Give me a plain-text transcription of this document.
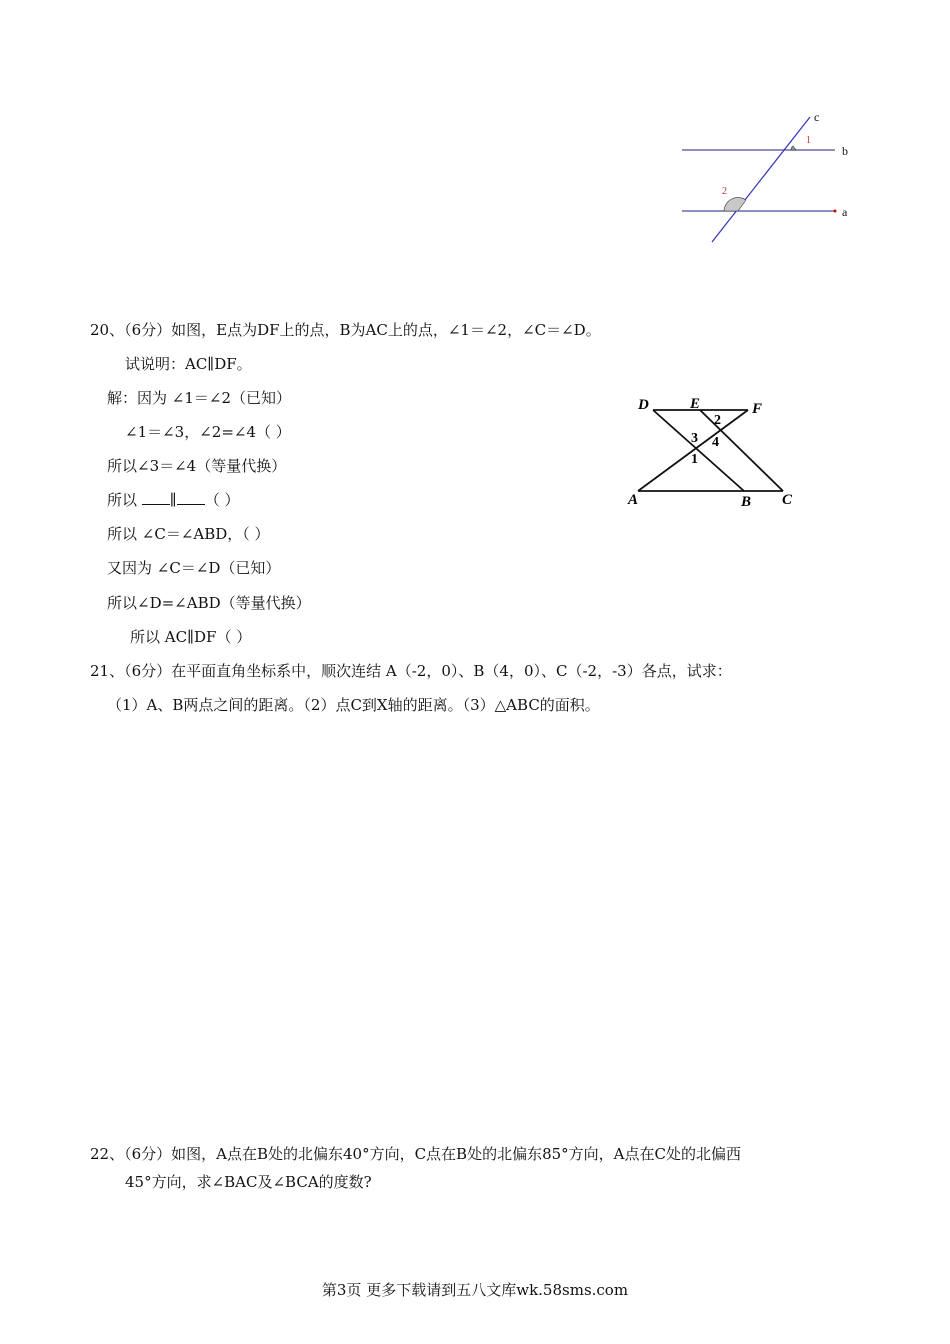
c
b
a
1
2
20、（6分）如图，E点为DF上的点，B为AC上的点，∠1＝∠2，∠C＝∠D。
试说明：AC∥DF。
解：因为 ∠1＝∠2（已知）
∠1＝∠3，∠2=∠4（ ）
所以∠3＝∠4（等量代换）
所以 ∥ （ ）
所以 ∠C＝∠ABD，（ ）
又因为 ∠C＝∠D（已知）
所以∠D=∠ABD（等量代换）
所以 AC∥DF（ ）
D	E	F
A	B C
2
3 4
1
21、（6分）在平面直角坐标系中，顺次连结 A（-2，0）、B（4，0）、C（-2，-3）各点，试求：
（1）A、B两点之间的距离。（2）点C到X轴的距离。（3）△ABC的面积。
22、（6分）如图，A点在B处的北偏东40°方向，C点在B处的北偏东85°方向，A点在C处的北偏西
45°方向，求∠BAC及∠BCA的度数?
第3页 更多下载请到五八文库wk.58sms.com
